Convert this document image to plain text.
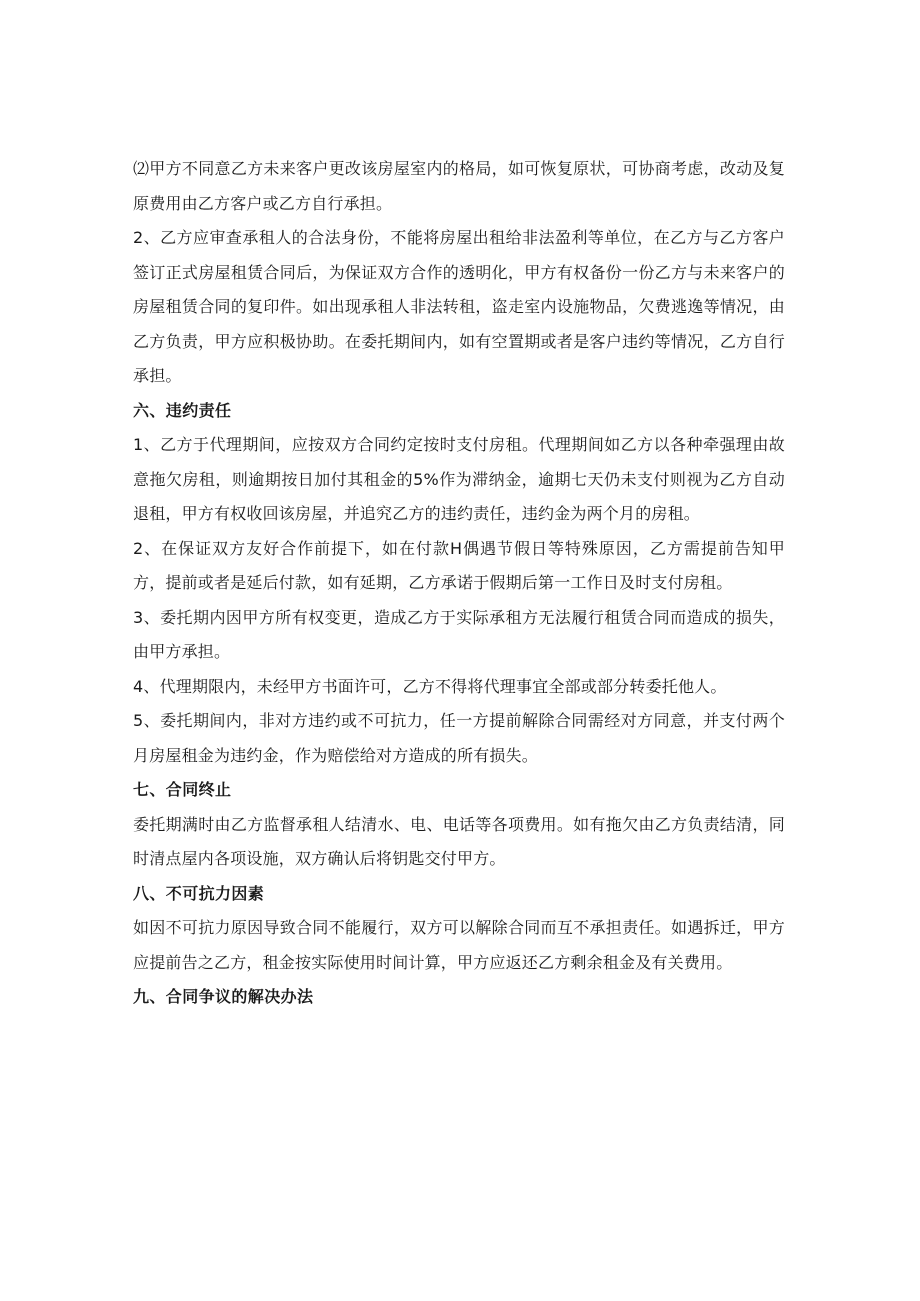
⑵甲方不同意乙方未来客户更改该房屋室内的格局，如可恢复原状，可协商考虑，改动及复原费用由乙方客户或乙方自行承担。

2、乙方应审查承租人的合法身份，不能将房屋出租给非法盈利等单位，在乙方与乙方客户签订正式房屋租赁合同后，为保证双方合作的透明化，甲方有权备份一份乙方与未来客户的房屋租赁合同的复印件。如出现承租人非法转租，盗走室内设施物品，欠费逃逸等情况，由乙方负责，甲方应积极协助。在委托期间内，如有空置期或者是客户违约等情况，乙方自行承担。

六、违约责任

1、乙方于代理期间，应按双方合同约定按时支付房租。代理期间如乙方以各种牵强理由故意拖欠房租，则逾期按日加付其租金的5%作为滞纳金，逾期七天仍未支付则视为乙方自动退租，甲方有权收回该房屋，并追究乙方的违约责任，违约金为两个月的房租。

2、在保证双方友好合作前提下，如在付款H偶遇节假日等特殊原因，乙方需提前告知甲方，提前或者是延后付款，如有延期，乙方承诺于假期后第一工作日及时支付房租。

3、委托期内因甲方所有权变更，造成乙方于实际承租方无法履行租赁合同而造成的损失，由甲方承担。

4、代理期限内，未经甲方书面许可，乙方不得将代理事宜全部或部分转委托他人。

5、委托期间内，非对方违约或不可抗力，任一方提前解除合同需经对方同意，并支付两个月房屋租金为违约金，作为赔偿给对方造成的所有损失。

七、合同终止

委托期满时由乙方监督承租人结清水、电、电话等各项费用。如有拖欠由乙方负责结清，同时清点屋内各项设施，双方确认后将钥匙交付甲方。

八、不可抗力因素

如因不可抗力原因导致合同不能履行，双方可以解除合同而互不承担责任。如遇拆迁，甲方应提前告之乙方，租金按实际使用时间计算，甲方应返还乙方剩余租金及有关费用。

九、合同争议的解决办法
